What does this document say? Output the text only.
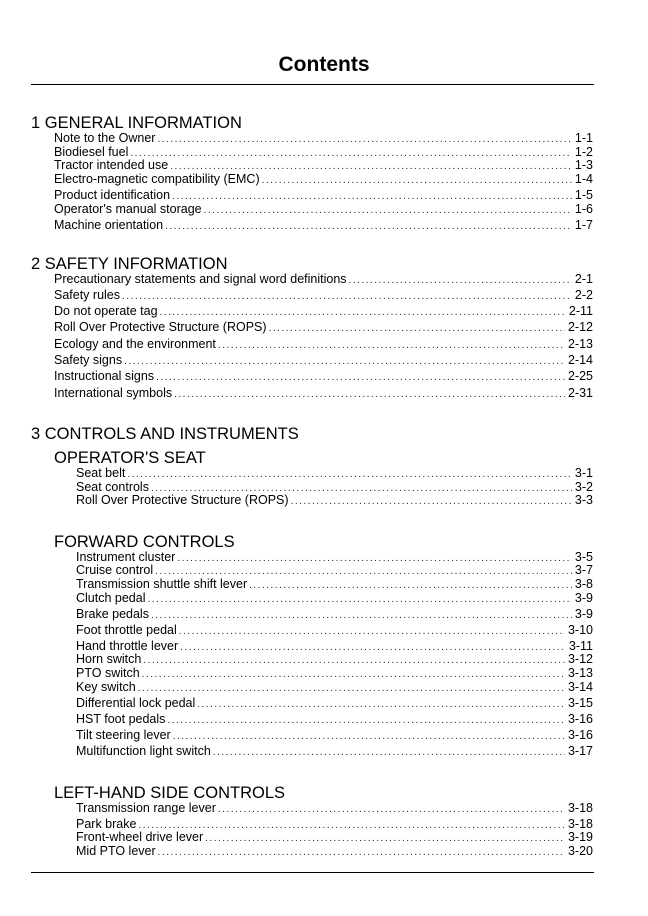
Contents
1 GENERAL INFORMATION
Note to the Owner .....	1-1
Biodiesel fuel .....	1-2
Tractor intended use .....	1-3
Electro-magnetic compatibility (EMC) .....	1-4
Product identification .....	1-5
Operator's manual storage .....	1-6
Machine orientation .....	1-7
2 SAFETY INFORMATION
Precautionary statements and signal word definitions .....	2-1
Safety rules .....	2-2
Do not operate tag .....	2-11
Roll Over Protective Structure (ROPS) .....	2-12
Ecology and the environment .....	2-13
Safety signs .....	2-14
Instructional signs .....	2-25
International symbols .....	2-31
3 CONTROLS AND INSTRUMENTS
OPERATOR'S SEAT
Seat belt .....	3-1
Seat controls .....	3-2
Roll Over Protective Structure (ROPS) .....	3-3
FORWARD CONTROLS
Instrument cluster .....	3-5
Cruise control .....	3-7
Transmission shuttle shift lever .....	3-8
Clutch pedal .....	3-9
Brake pedals .....	3-9
Foot throttle pedal .....	3-10
Hand throttle lever .....	3-11
Horn switch .....	3-12
PTO switch .....	3-13
Key switch .....	3-14
Differential lock pedal .....	3-15
HST foot pedals .....	3-16
Tilt steering lever .....	3-16
Multifunction light switch .....	3-17
LEFT-HAND SIDE CONTROLS
Transmission range lever .....	3-18
Park brake .....	3-18
Front-wheel drive lever .....	3-19
Mid PTO lever .....	3-20
